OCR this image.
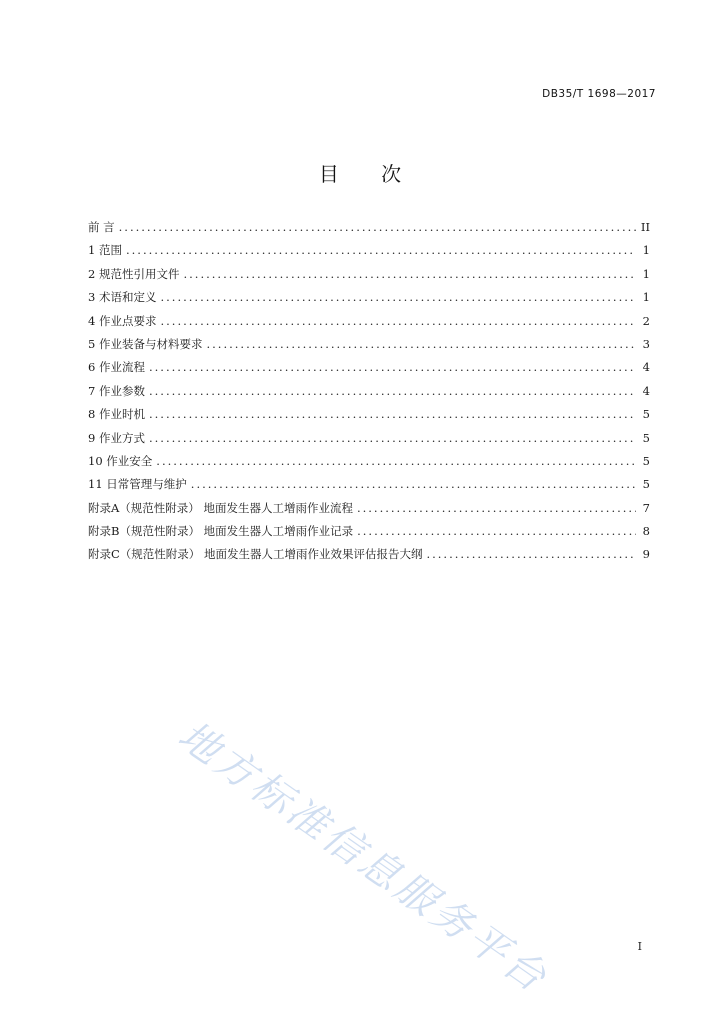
DB35/T 1698—2017
目 次
前 言 .....	II
1 范围 .....	1
2 规范性引用文件 .....	1
3 术语和定义 .....	1
4 作业点要求 .....	2
5 作业装备与材料要求 .....	3
6 作业流程 .....	4
7 作业参数 .....	4
8 作业时机 .....	5
9 作业方式 .....	5
10 作业安全 .....	5
11 日常管理与维护 .....	5
附录A（规范性附录） 地面发生器人工增雨作业流程 .....	7
附录B（规范性附录） 地面发生器人工增雨作业记录 .....	8
附录C（规范性附录） 地面发生器人工增雨作业效果评估报告大纲 .....	9
地方标准信息服务平台	I
